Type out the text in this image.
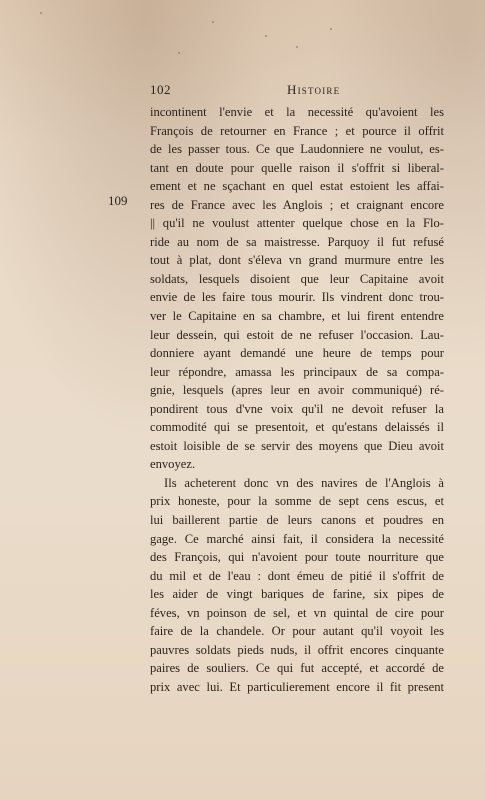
102	Histoire
109
incontinent l'envie et la necessité qu'avoient les
François de retourner en France ; et pource il offrit
de les passer tous. Ce que Laudonniere ne voulut, es-
tant en doute pour quelle raison il s'offrit si liberal-
ement et ne sçachant en quel estat estoient les affai-
res de France avec les Anglois ; et craignant encore
|| qu'il ne voulust attenter quelque chose en la Flo-
ride au nom de sa maistresse. Parquoy il fut refusé
tout à plat, dont s'éleva vn grand murmure entre les
soldats, lesquels disoient que leur Capitaine avoit
envie de les faire tous mourir. Ils vindrent donc trou-
ver le Capitaine en sa chambre, et lui firent entendre
leur dessein, qui estoit de ne refuser l'occasion. Lau-
donniere ayant demandé une heure de temps pour
leur répondre, amassa les principaux de sa compa-
gnie, lesquels (apres leur en avoir communiqué) ré-
pondirent tous d'vne voix qu'il ne devoit refuser la
commodité qui se presentoit, et qu'estans delaissés il
estoit loisible de se servir des moyens que Dieu avoit
envoyez.
Ils acheterent donc vn des navires de l'Anglois à
prix honeste, pour la somme de sept cens escus, et
lui baillerent partie de leurs canons et poudres en
gage. Ce marché ainsi fait, il considera la necessité
des François, qui n'avoient pour toute nourriture que
du mil et de l'eau : dont émeu de pitié il s'offrit de
les aider de vingt bariques de farine, six pipes de
féves, vn poinson de sel, et vn quintal de cire pour
faire de la chandele. Or pour autant qu'il voyoit les
pauvres soldats pieds nuds, il offrit encores cinquante
paires de souliers. Ce qui fut accepté, et accordé de
prix avec lui. Et particulierement encore il fit present
